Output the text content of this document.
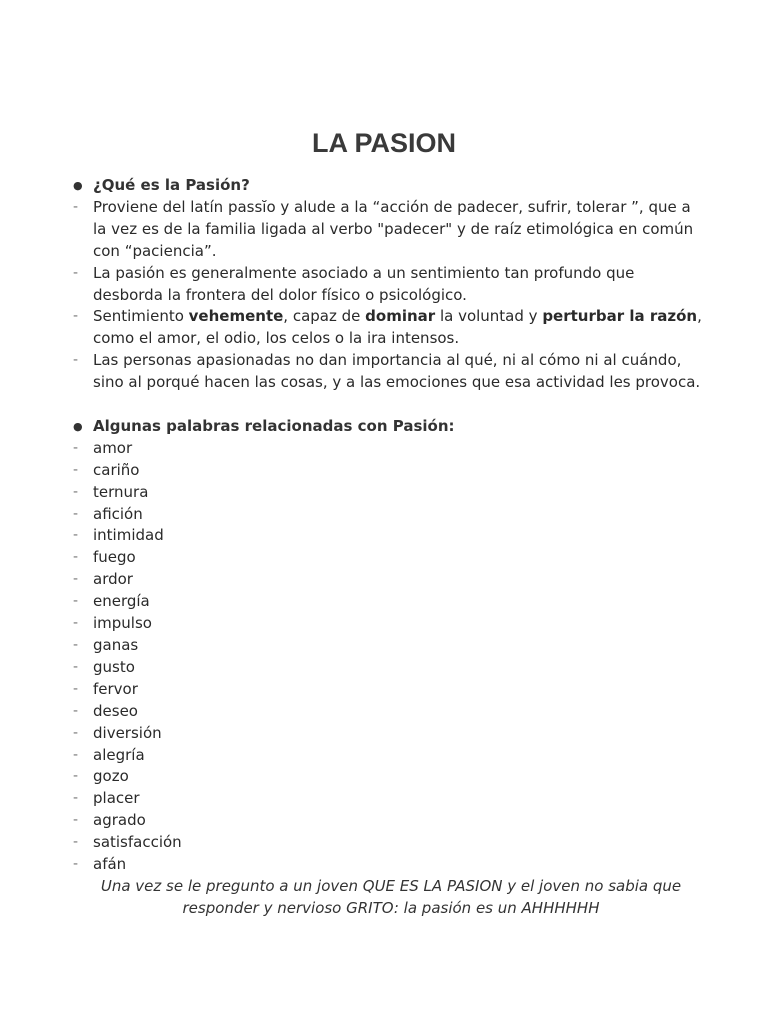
LA PASION
● ¿Qué es la Pasión?
- Proviene del latín passĭo y alude a la “acción de padecer, sufrir, tolerar ”, que a la vez es de la familia ligada al verbo "padecer" y de raíz etimológica en común con “paciencia”.
- La pasión es generalmente asociado a un sentimiento tan profundo que desborda la frontera del dolor físico o psicológico.
- Sentimiento vehemente, capaz de dominar la voluntad y perturbar la razón, como el amor, el odio, los celos o la ira intensos.
- Las personas apasionadas no dan importancia al qué, ni al cómo ni al cuándo, sino al porqué hacen las cosas, y a las emociones que esa actividad les provoca.
● Algunas palabras relacionadas con Pasión:
- amor
- cariño
- ternura
- afición
- intimidad
- fuego
- ardor
- energía
- impulso
- ganas
- gusto
- fervor
- deseo
- diversión
- alegría
- gozo
- placer
- agrado
- satisfacción
- afán
Una vez se le pregunto a un joven QUE ES LA PASION y el joven no sabia que
responder y nervioso GRITO: la pasión es un AHHHHHH
